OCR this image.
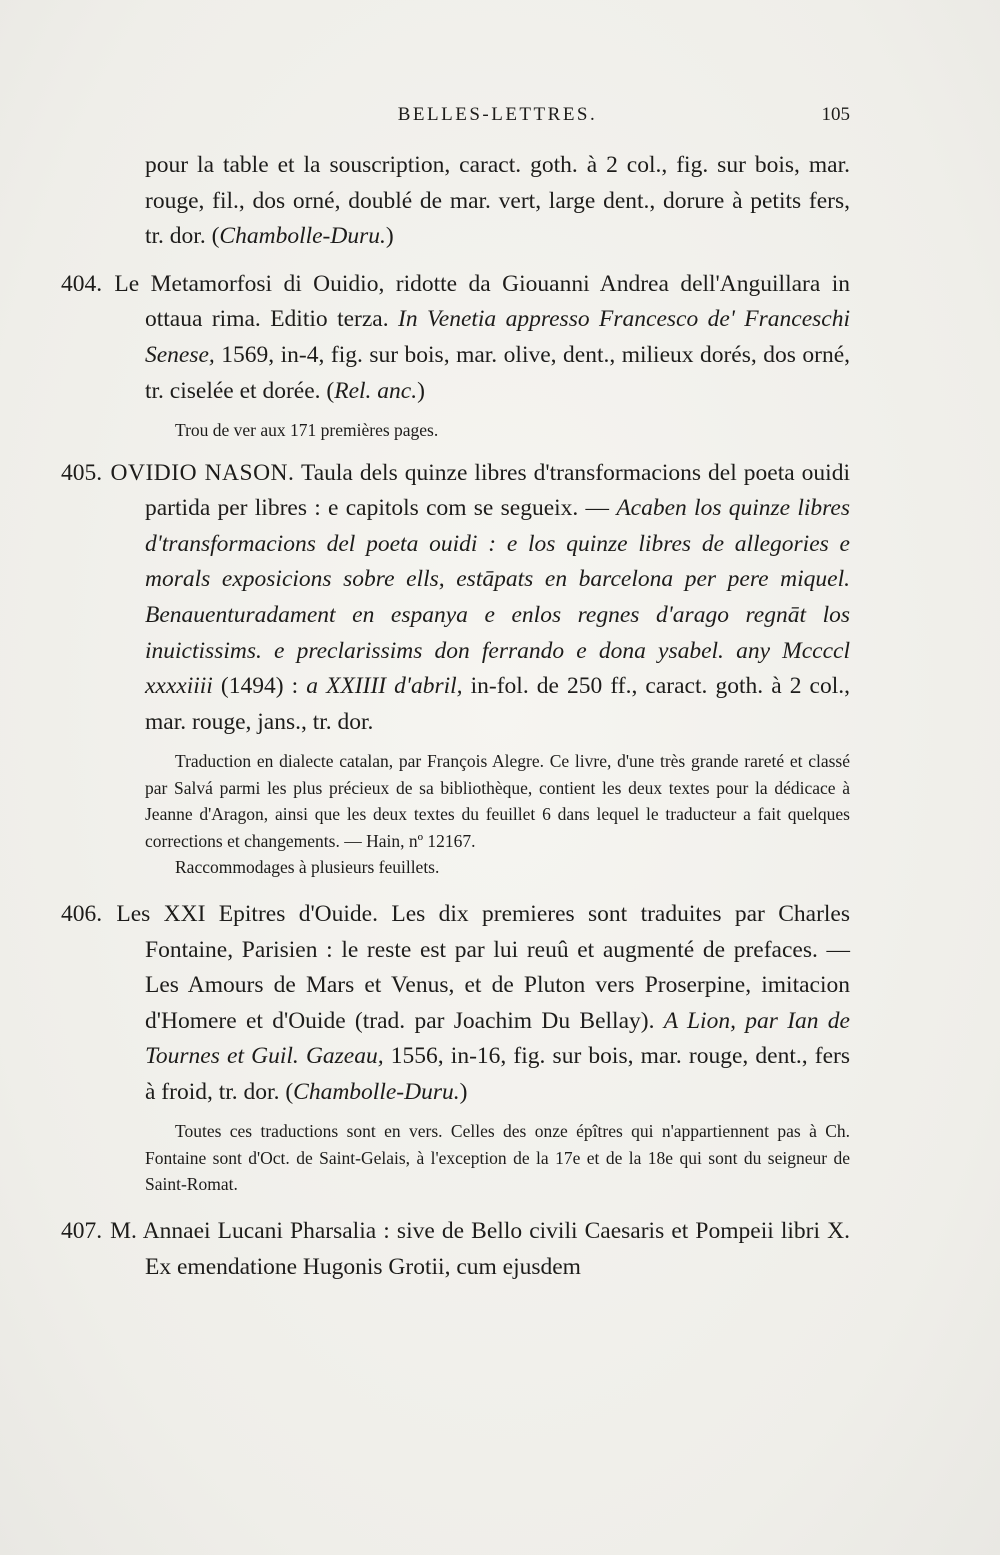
BELLES-LETTRES.	105

pour la table et la souscription, caract. goth. à 2 col., fig. sur bois, mar. rouge, fil., dos orné, doublé de mar. vert, large dent., dorure à petits fers, tr. dor. (Chambolle-Duru.)

404. Le Metamorfosi di Ouidio, ridotte da Giouanni Andrea dell'Anguillara in ottaua rima. Editio terza. In Venetia appresso Francesco de' Franceschi Senese, 1569, in-4, fig. sur bois, mar. olive, dent., milieux dorés, dos orné, tr. ciselée et dorée. (Rel. anc.)

Trou de ver aux 171 premières pages.

405. OVIDIO NASON. Taula dels quinze libres d'transformacions del poeta ouidi partida per libres : e capitols com se segueix. — Acaben los quinze libres d'transformacions del poeta ouidi : e los quinze libres de allegories e morals exposicions sobre ells, estāpats en barcelona per pere miquel. Benauenturadament en espanya e enlos regnes d'arago regnāt los inuictissims. e preclarissims don ferrando e dona ysabel. any Mccccl xxxxiiii (1494) : a XXIIII d'abril, in-fol. de 250 ff., caract. goth. à 2 col., mar. rouge, jans., tr. dor.

Traduction en dialecte catalan, par François Alegre. Ce livre, d'une très grande rareté et classé par Salvá parmi les plus précieux de sa bibliothèque, contient les deux textes pour la dédicace à Jeanne d'Aragon, ainsi que les deux textes du feuillet 6 dans lequel le traducteur a fait quelques corrections et changements. — Hain, nº 12167.

Raccommodages à plusieurs feuillets.

406. Les XXI Epitres d'Ouide. Les dix premieres sont traduites par Charles Fontaine, Parisien : le reste est par lui reuû et augmenté de prefaces. — Les Amours de Mars et Venus, et de Pluton vers Proserpine, imitacion d'Homere et d'Ouide (trad. par Joachim Du Bellay). A Lion, par Ian de Tournes et Guil. Gazeau, 1556, in-16, fig. sur bois, mar. rouge, dent., fers à froid, tr. dor. (Chambolle-Duru.)

Toutes ces traductions sont en vers. Celles des onze épîtres qui n'appartiennent pas à Ch. Fontaine sont d'Oct. de Saint-Gelais, à l'exception de la 17e et de la 18e qui sont du seigneur de Saint-Romat.

407. M. Annaei Lucani Pharsalia : sive de Bello civili Caesaris et Pompeii libri X. Ex emendatione Hugonis Grotii, cum ejusdem
